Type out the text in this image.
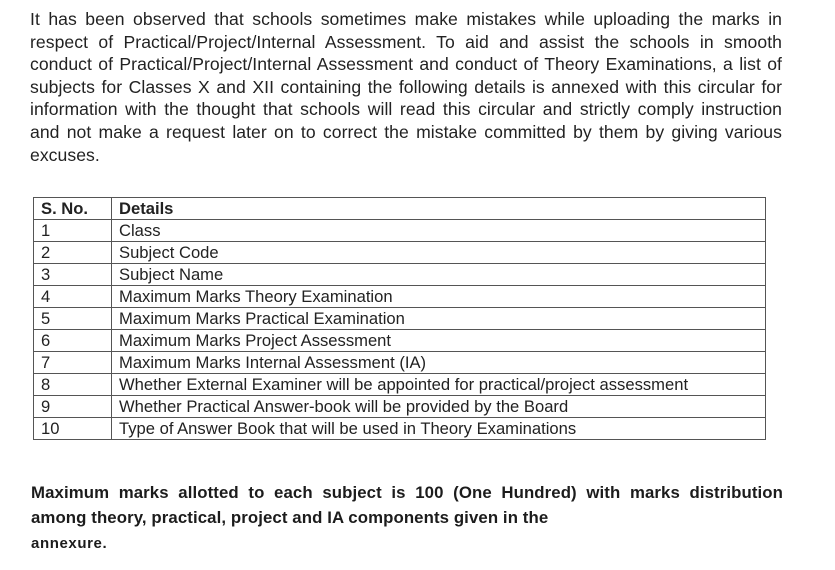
It has been observed that schools sometimes make mistakes while uploading the marks in respect of Practical/Project/Internal Assessment. To aid and assist the schools in smooth conduct of Practical/Project/Internal Assessment and conduct of Theory Examinations, a list of subjects for Classes X and XII containing the following details is annexed with this circular for information with the thought that schools will read this circular and strictly comply instruction and not make a request later on to correct the mistake committed by them by giving various excuses.
S. No.	Details
1	Class
2	Subject Code
3	Subject Name
4	Maximum Marks Theory Examination
5	Maximum Marks Practical Examination
6	Maximum Marks Project Assessment
7	Maximum Marks Internal Assessment (IA)
8	Whether External Examiner will be appointed for practical/project assessment
9	Whether Practical Answer-book will be provided by the Board
10	Type of Answer Book that will be used in Theory Examinations
Maximum marks allotted to each subject is 100 (One Hundred) with marks distribution among theory, practical, project and IA components given in the
annexure.
